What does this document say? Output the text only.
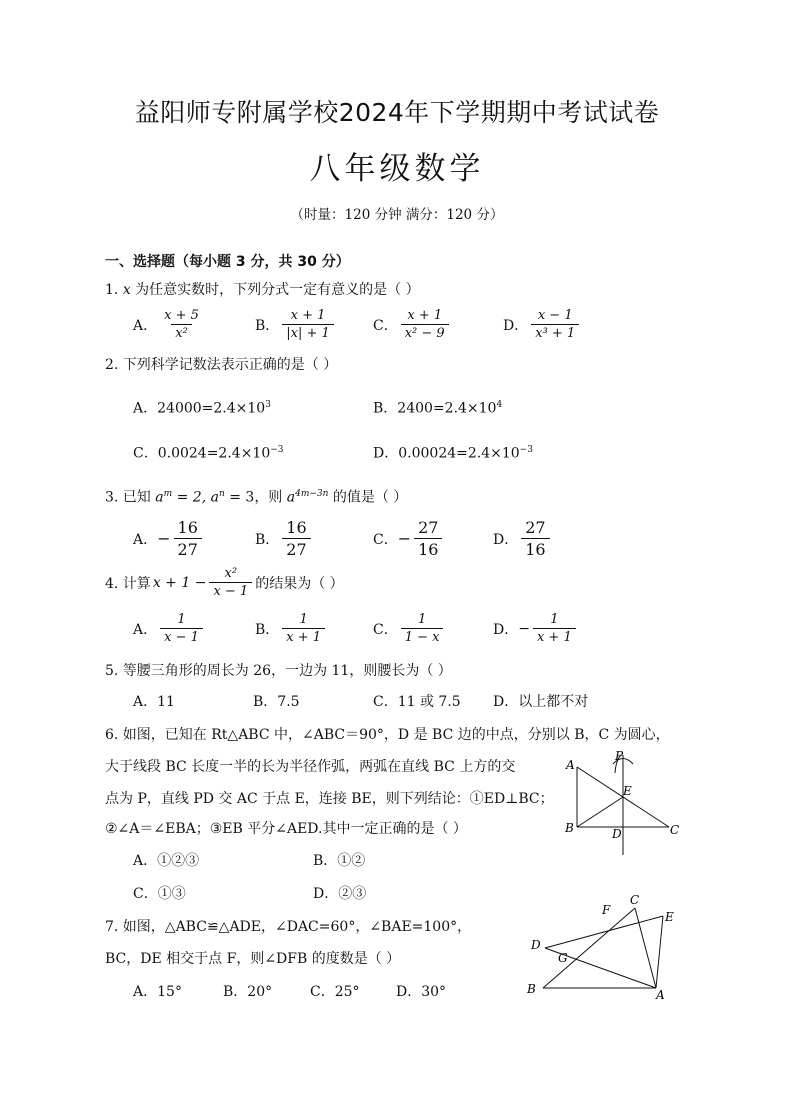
益阳师专附属学校2024年下学期期中考试试卷
八年级数学
（时量：120 分钟 满分：120 分）
一、选择题（每小题 3 分，共 30 分）
1. x 为任意实数时，下列分式一定有意义的是（ ）
A． $\frac{x + 5}{\text{x²}}$	B． $\frac{x + 1}{|x| + 1}$	C． $\frac{x + 1}{\text{x² − 9}}$	D． $\frac{x - 1}{\text{x³ + 1}}$
2. 下列科学记数法表示正确的是（ ）
A．$24000=2.4\times 10^3$	B．$2400=2.4\times 10^4$
C．$0.0024=2.4\times 10^{-3}$	D．$0.00024=2.4\times 10^{-3}$
3. 已知 $a^m = 2$, $a^n = 3$，则 $a^{4m-3n}$ 的值是（ ）
A． − $\frac{16}{27}$	B． $\frac{16}{27}$	C． − $\frac{27}{16}$	D． $\frac{27}{16}$
4. 计算 $x + 1 - \frac{\text{x²}}{x - 1}$ 的结果为（ ）
A． $\frac{1}{x - 1}$	B． $\frac{1}{x + 1}$	C． $\frac{1}{1 - x}$	D． − $\frac{1}{x + 1}$
5. 等腰三角形的周长为 26，一边为 11，则腰长为（ ）
A．11	B．7.5	C．11 或 7.5 D．以上都不对
6. 如图，已知在 Rt△ABC 中，∠ABC＝90°，D 是 BC 边的中点，分别以 B，C 为圆心，
大于线段 BC 长度一半的长为半径作弧，两弧在直线 BC 上方的交
点为 P，直线 PD 交 AC 于点 E，连接 BE，则下列结论：①ED⊥BC；
②∠A＝∠EBA；③EB 平分∠AED.其中一定正确的是（ ）
A．①②③	B．①②
C．①③	D．②③
P
A
E
B	D	C
7. 如图，△ABC≌△ADE，∠DAC=60°，∠BAE=100°，
BC，DE 相交于点 F，则∠DFB 的度数是（ ）
A．15°	B．20°	C．25°	D．30°
F
C
E
D
G
B	A
